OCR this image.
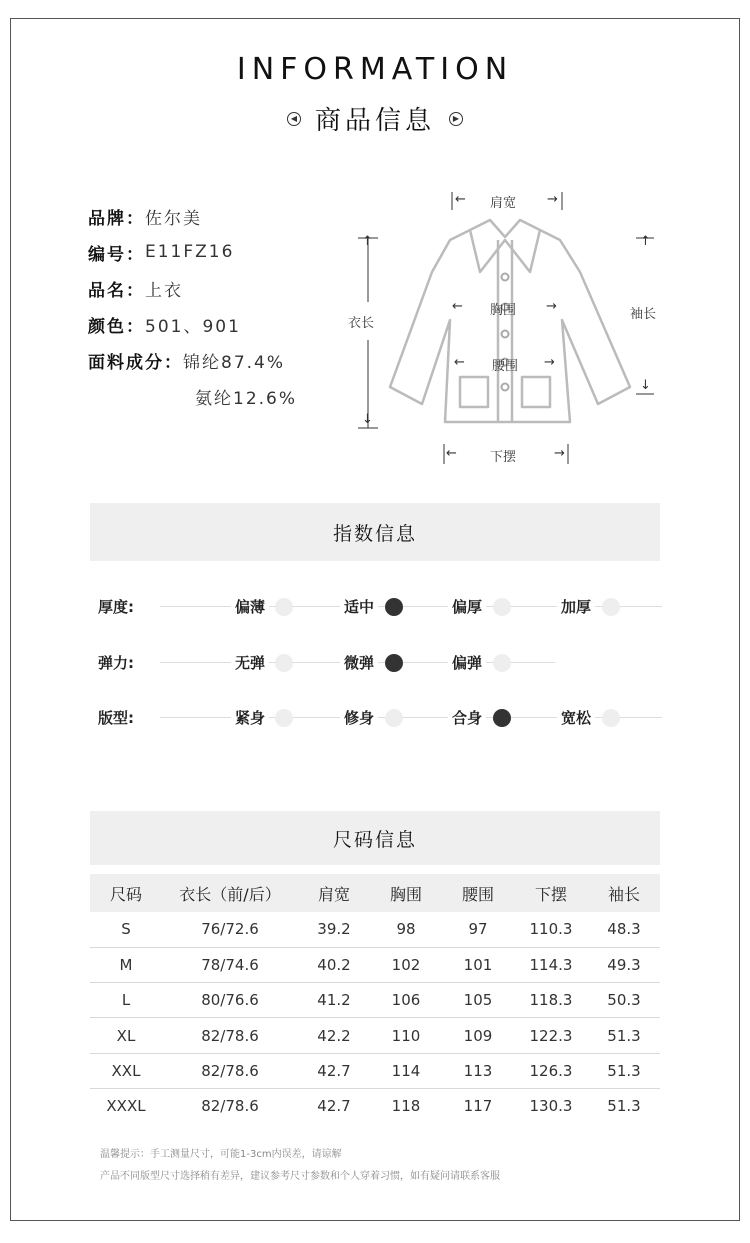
INFORMATION
◀ 商品信息	▶
品牌： 佐尔美
编号： E11FZ16
品名： 上衣
颜色： 501、901
面料成分： 锦纶87.4%
氨纶12.6%
← 肩宽 →
↑
衣长
↓
← 胸围 →
← 腰围 →
↑
袖长
↓
←	下摆	→
指数信息
厚度:	偏薄	适中	偏厚	加厚
弹力:	无弹	微弹	偏弹
版型:	紧身	修身	合身	宽松
尺码信息
尺码	衣长（前/后）	肩宽	胸围	腰围	下摆	袖长
S	76/72.6	39.2	98	97	110.3	48.3
M	78/74.6	40.2	102	101	114.3	49.3
L	80/76.6	41.2	106	105	118.3	50.3
XL	82/78.6	42.2	110	109	122.3	51.3
XXL	82/78.6	42.7	114	113	126.3	51.3
XXXL	82/78.6	42.7	118	117	130.3	51.3
温馨提示：手工测量尺寸，可能1-3cm内误差，请谅解
产品不同版型尺寸选择稍有差异，建议参考尺寸参数和个人穿着习惯，如有疑问请联系客服
